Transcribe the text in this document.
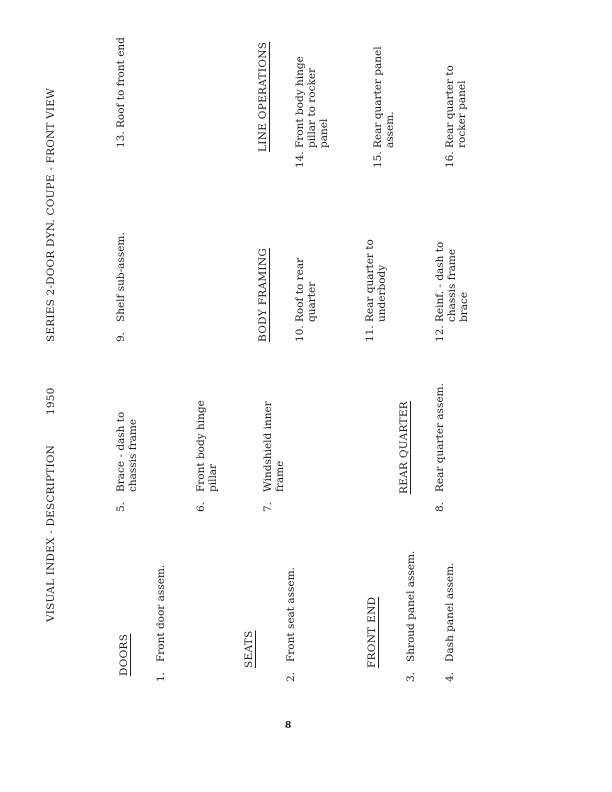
VISUAL INDEX - DESCRIPTION
1950
SERIES 2-DOOR DYN. COUPE - FRONT VIEW
DOORS	SEATS	FRONT END
REAR QUARTER
BODY FRAMING
LINE OPERATIONS
1.Front door assem.
2.Front seat assem.
3.Shroud panel assem.
4.Dash panel assem.
5.
Brace - dash to chassis frame
6.
Front body hinge pillar
7.
Windshield inner frame
8.Rear quarter assem.
9.Shelf sub-assem.
10.
Roof to rear quarter
11.
Rear quarter to underbody
12.
Reinf. - dash to chassis frame brace
13.Roof to front end
14.
Front body hinge pillar to rocker panel
15.
Rear quarter panel assem.
16.
Rear quarter to rocker panel
8
